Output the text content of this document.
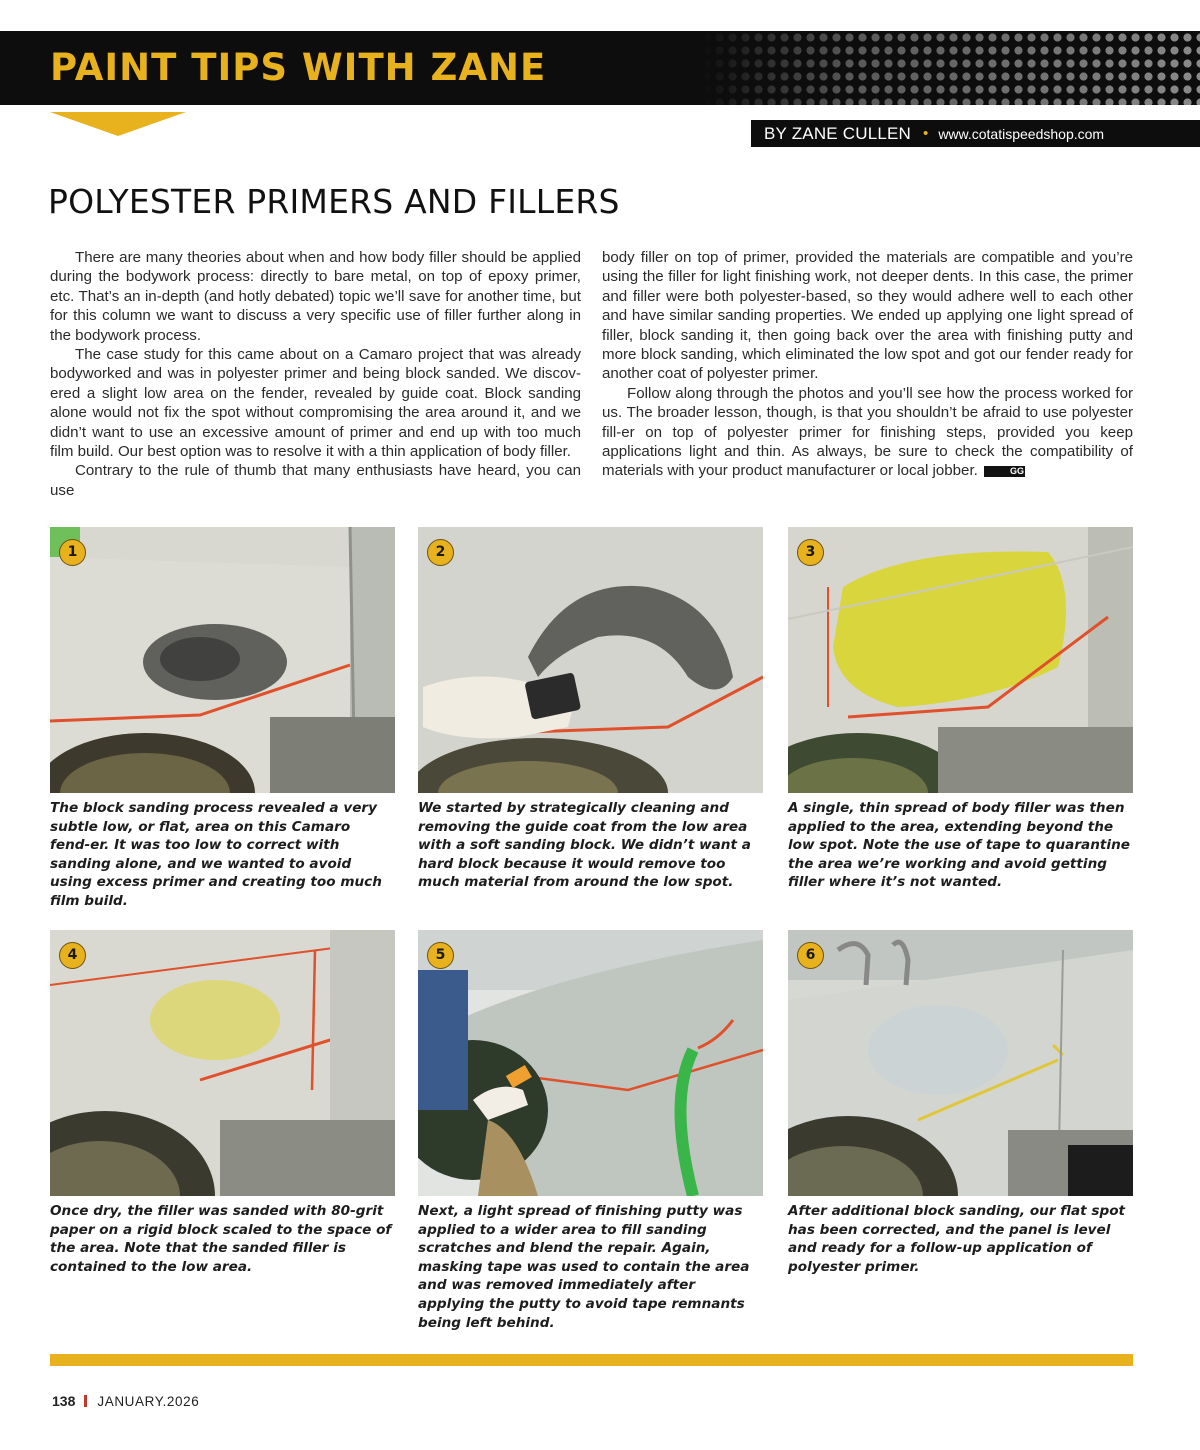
PAINT TIPS WITH ZANE
BY ZANE CULLEN • www.cotatispeedshop.com
POLYESTER PRIMERS AND FILLERS

There are many theories about when and how body filler should be applied during the bodywork process: directly to bare metal, on top of epoxy primer, etc. That’s an in-depth (and hotly debated) topic we’ll save for another time, but for this column we want to discuss a very specific use of filler further along in the bodywork process.

The case study for this came about on a Camaro project that was already bodyworked and was in polyester primer and being block sanded. We discov-ered a slight low area on the fender, revealed by guide coat. Block sanding alone would not fix the spot without compromising the area around it, and we didn’t want to use an excessive amount of primer and end up with too much film build. Our best option was to resolve it with a thin application of body filler.

Contrary to the rule of thumb that many enthusiasts have heard, you can use

body filler on top of primer, provided the materials are compatible and you’re using the filler for light finishing work, not deeper dents. In this case, the primer and filler were both polyester-based, so they would adhere well to each other and have similar sanding properties. We ended up applying one light spread of filler, block sanding it, then going back over the area with finishing putty and more block sanding, which eliminated the low spot and got our fender ready for another coat of polyester primer.

Follow along through the photos and you’ll see how the process worked for us. The broader lesson, though, is that you shouldn’t be afraid to use polyester fill-er on top of polyester primer for finishing steps, provided you keep applications light and thin. As always, be sure to check the compatibility of materials with your product manufacturer or local jobber.	GG

1

The block sanding process revealed a very subtle low, or flat, area on this Camaro fend-er. It was too low to correct with sanding alone, and we wanted to avoid using excess primer and creating too much film build.

2

We started by strategically cleaning and removing the guide coat from the low area with a soft sanding block. We didn’t want a hard block because it would remove too much material from around the low spot.

3

A single, thin spread of body filler was then applied to the area, extending beyond the low spot. Note the use of tape to quarantine the area we’re working and avoid getting filler where it’s not wanted.

4

Once dry, the filler was sanded with 80-grit paper on a rigid block scaled to the space of the area. Note that the sanded filler is contained to the low area.

5

Next, a light spread of finishing putty was applied to a wider area to fill sanding scratches and blend the repair. Again, masking tape was used to contain the area and was removed immediately after applying the putty to avoid tape remnants being left behind.

6

After additional block sanding, our flat spot has been corrected, and the panel is level and ready for a follow-up application of polyester primer.

138 JANUARY.2026
